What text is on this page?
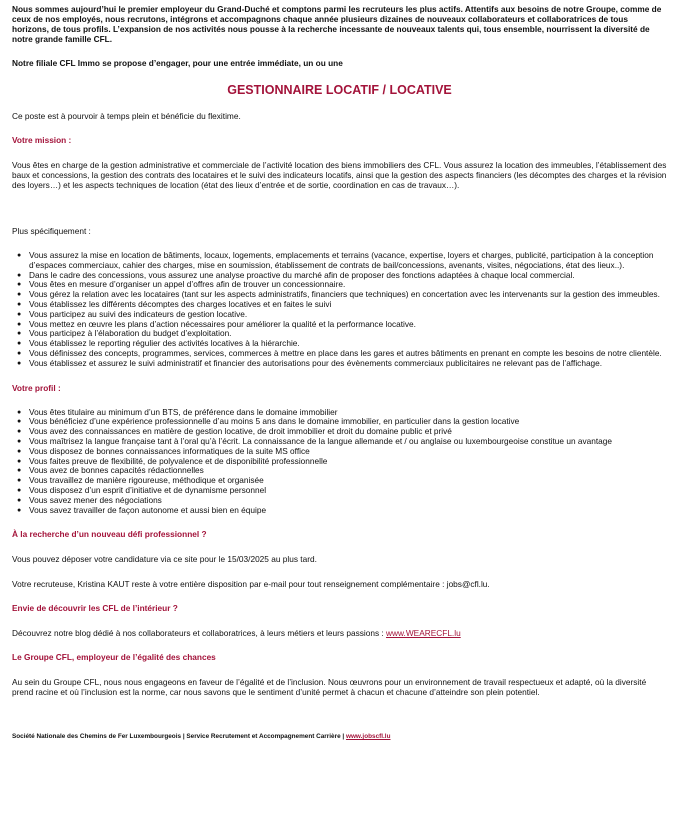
Nous sommes aujourd’hui le premier employeur du Grand-Duché et comptons parmi les recruteurs les plus actifs. Attentifs aux besoins de notre Groupe, comme de ceux de nos employés, nous recrutons, intégrons et accompagnons chaque année plusieurs dizaines de nouveaux collaborateurs et collaboratrices de tous horizons, de tous profils. L’expansion de nos activités nous pousse à la recherche incessante de nouveaux talents qui, tous ensemble, nourrissent la diversité de notre grande famille CFL.

Notre filiale CFL Immo se propose d’engager, pour une entrée immédiate, un ou une

GESTIONNAIRE LOCATIF / LOCATIVE

Ce poste est à pourvoir à temps plein et bénéficie du flexitime.

Votre mission :

Vous êtes en charge de la gestion administrative et commerciale de l’activité location des biens immobiliers des CFL. Vous assurez la location des immeubles, l’établissement des baux et concessions, la gestion des contrats des locataires et le suivi des indicateurs locatifs, ainsi que la gestion des aspects financiers (les décomptes des charges et la révision des loyers…) et les aspects techniques de location (état des lieux d’entrée et de sortie, coordination en cas de travaux…).

Plus spécifiquement :

● Vous assurez la mise en location de bâtiments, locaux, logements, emplacements et terrains (vacance, expertise, loyers et charges, publicité, participation à la conception d’espaces commerciaux, cahier des charges, mise en soumission, établissement de contrats de bail/concessions, avenants, visites, négociations, état des lieux..).
● Dans le cadre des concessions, vous assurez une analyse proactive du marché afin de proposer des fonctions adaptées à chaque local commercial.
● Vous êtes en mesure d’organiser un appel d’offres afin de trouver un concessionnaire.
● Vous gérez la relation avec les locataires (tant sur les aspects administratifs, financiers que techniques) en concertation avec les intervenants sur la gestion des immeubles.
● Vous établissez les différents décomptes des charges locatives et en faites le suivi
● Vous participez au suivi des indicateurs de gestion locative.
● Vous mettez en œuvre les plans d’action nécessaires pour améliorer la qualité et la performance locative.
● Vous participez à l’élaboration du budget d’exploitation.
● Vous établissez le reporting régulier des activités locatives à la hiérarchie.
● Vous définissez des concepts, programmes, services, commerces à mettre en place dans les gares et autres bâtiments en prenant en compte les besoins de notre clientèle.
● Vous établissez et assurez le suivi administratif et financier des autorisations pour des évènements commerciaux publicitaires ne relevant pas de l’affichage.

Votre profil :

● Vous êtes titulaire au minimum d’un BTS, de préférence dans le domaine immobilier
● Vous bénéficiez d’une expérience professionnelle d’au moins 5 ans dans le domaine immobilier, en particulier dans la gestion locative
● Vous avez des connaissances en matière de gestion locative, de droit immobilier et droit du domaine public et privé
● Vous maîtrisez la langue française tant à l’oral qu’à l’écrit. La connaissance de la langue allemande et / ou anglaise ou luxembourgeoise constitue un avantage
● Vous disposez de bonnes connaissances informatiques de la suite MS office
● Vous faites preuve de flexibilité, de polyvalence et de disponibilité professionnelle
● Vous avez de bonnes capacités rédactionnelles
● Vous travaillez de manière rigoureuse, méthodique et organisée
● Vous disposez d’un esprit d’initiative et de dynamisme personnel
● Vous savez mener des négociations
● Vous savez travailler de façon autonome et aussi bien en équipe

À la recherche d’un nouveau défi professionnel ?

Vous pouvez déposer votre candidature via ce site pour le 15/03/2025 au plus tard.

Votre recruteuse, Kristina KAUT reste à votre entière disposition par e-mail pour tout renseignement complémentaire : jobs@cfl.lu.

Envie de découvrir les CFL de l’intérieur ?

Découvrez notre blog dédié à nos collaborateurs et collaboratrices, à leurs métiers et leurs passions : www.WEARECFL.lu

Le Groupe CFL, employeur de l’égalité des chances

Au sein du Groupe CFL, nous nous engageons en faveur de l’égalité et de l’inclusion. Nous œuvrons pour un environnement de travail respectueux et adapté, où la diversité prend racine et où l’inclusion est la norme, car nous savons que le sentiment d’unité permet à chacun et chacune d’atteindre son plein potentiel.

Société Nationale des Chemins de Fer Luxembourgeois | Service Recrutement et Accompagnement Carrière | www.jobscfl.lu
